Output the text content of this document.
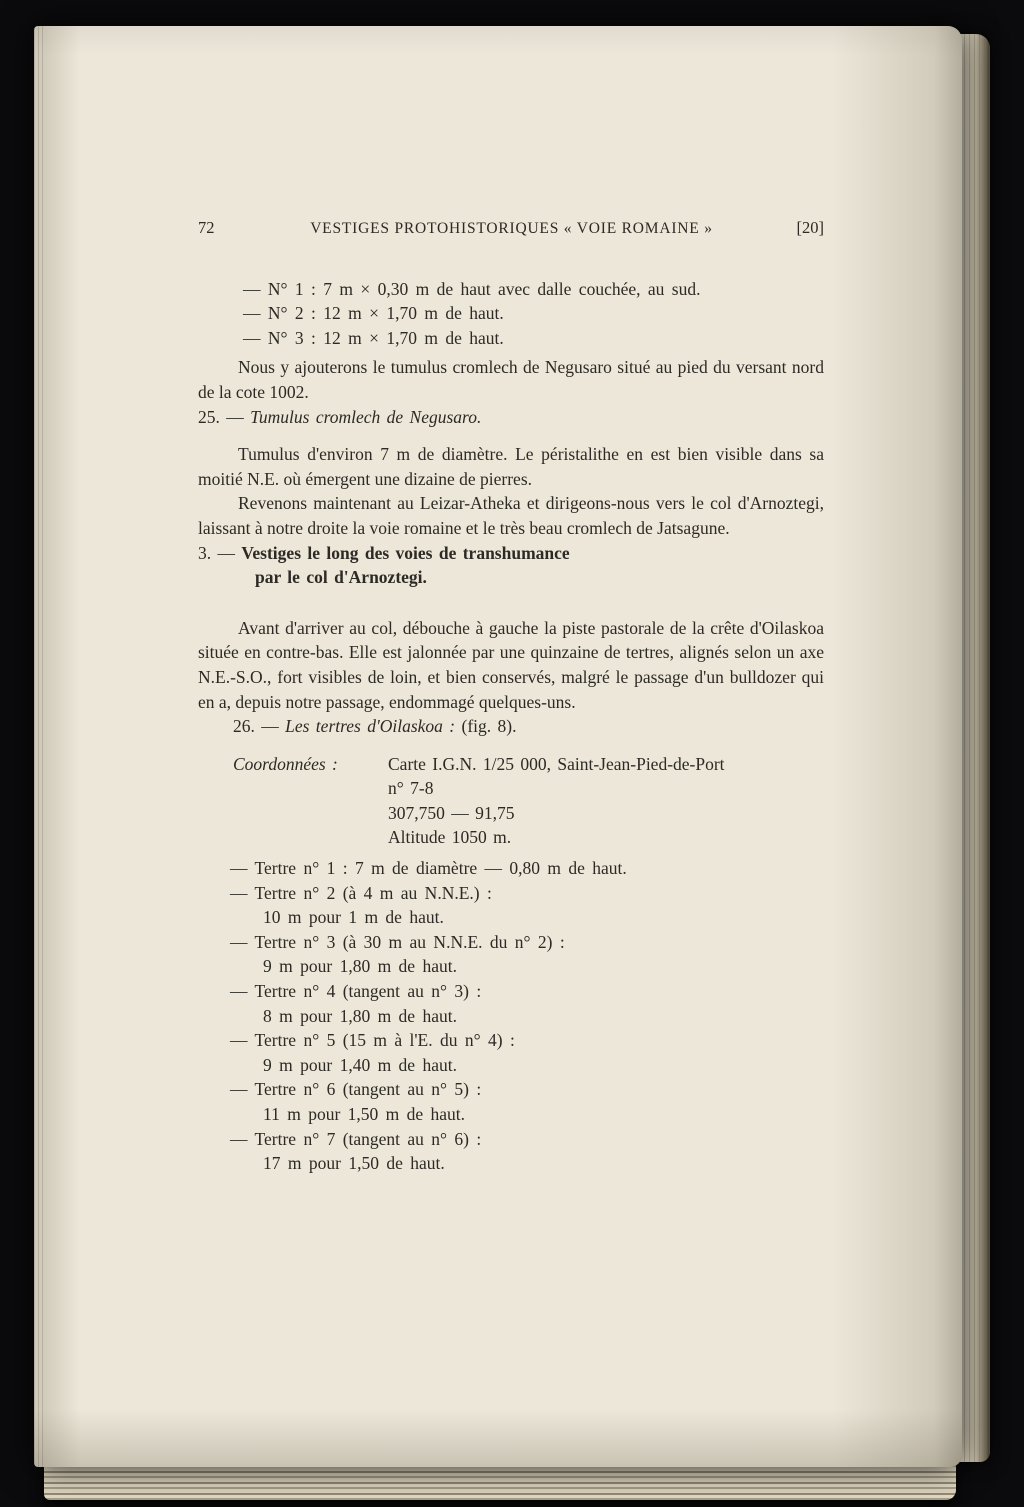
72	VESTIGES PROTOHISTORIQUES « VOIE ROMAINE »	[20]
— N° 1 : 7 m × 0,30 m de haut avec dalle couchée, au sud.
— N° 2 : 12 m × 1,70 m de haut.
— N° 3 : 12 m × 1,70 m de haut.

Nous y ajouterons le tumulus cromlech de Negusaro situé au pied du versant nord de la cote 1002.

25. — Tumulus cromlech de Negusaro.

Tumulus d'environ 7 m de diamètre. Le péristalithe en est bien visible dans sa moitié N.E. où émergent une dizaine de pierres.

Revenons maintenant au Leizar-Atheka et dirigeons-nous vers le col d'Arnoztegi, laissant à notre droite la voie romaine et le très beau cromlech de Jatsagune.

3. — Vestiges le long des voies de transhumance
par le col d'Arnoztegi.

Avant d'arriver au col, débouche à gauche la piste pastorale de la crête d'Oilaskoa située en contre-bas. Elle est jalonnée par une quinzaine de tertres, alignés selon un axe N.E.-S.O., fort visibles de loin, et bien conservés, malgré le passage d'un bulldozer qui en a, depuis notre passage, endommagé quelques-uns.

26. — Les tertres d'Oilaskoa : (fig. 8).
Coordonnées :	Carte I.G.N. 1/25 000, Saint-Jean-Pied-de-Port
n° 7-8
307,750 — 91,75
Altitude 1050 m.
— Tertre n° 1 : 7 m de diamètre — 0,80 m de haut.
— Tertre n° 2 (à 4 m au N.N.E.) :
10 m pour 1 m de haut.
— Tertre n° 3 (à 30 m au N.N.E. du n° 2) :
9 m pour 1,80 m de haut.
— Tertre n° 4 (tangent au n° 3) :
8 m pour 1,80 m de haut.
— Tertre n° 5 (15 m à l'E. du n° 4) :
9 m pour 1,40 m de haut.
— Tertre n° 6 (tangent au n° 5) :
11 m pour 1,50 m de haut.
— Tertre n° 7 (tangent au n° 6) :
17 m pour 1,50 de haut.
